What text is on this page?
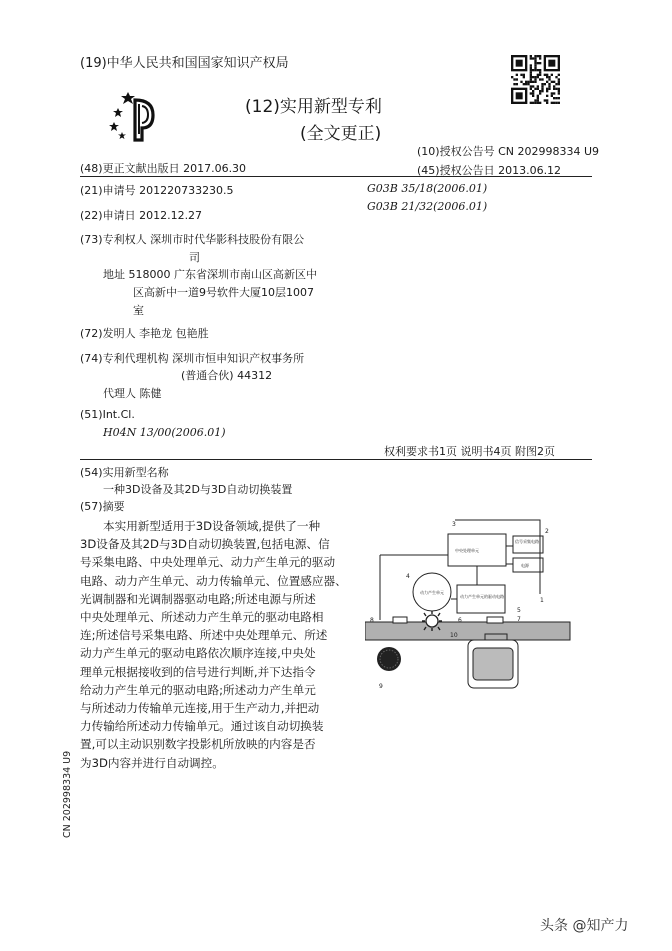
(19)中华人民共和国国家知识产权局
(12)实用新型专利
(全文更正)
(10)授权公告号 CN 202998334 U9
(45)授权公告日 2013.06.12
(48)更正文献出版日 2017.06.30
(21)申请号 201220733230.5	G03B 35/18(2006.01)
G03B 21/32(2006.01)
(22)申请日 2012.12.27
(73)专利权人 深圳市时代华影科技股份有限公
司
地址 518000 广东省深圳市南山区高新区中
区高新中一道9号软件大厦10层1007
室
(72)发明人 李艳龙 包艳胜
(74)专利代理机构 深圳市恒申知识产权事务所
(普通合伙) 44312
代理人 陈健
(51)Int.Cl.
H04N 13/00(2006.01)
权利要求书1页 说明书4页 附图2页
(54)实用新型名称
一种3D设备及其2D与3D自动切换装置
(57)摘要
本实用新型适用于3D设备领域,提供了一种
3D设备及其2D与3D自动切换装置,包括电源、信
号采集电路、中央处理单元、动力产生单元的驱动
电路、动力产生单元、动力传输单元、位置感应器、
光调制器和光调制器驱动电路;所述电源与所述
中央处理单元、所述动力产生单元的驱动电路相
连;所述信号采集电路、所述中央处理单元、所述
动力产生单元的驱动电路依次顺序连接,中央处
理单元根据接收到的信号进行判断,并下达指令
给动力产生单元的驱动电路;所述动力产生单元
与所述动力传输单元连接,用于生产动力,并把动
力传输给所述动力传输单元。通过该自动切换装
置,可以主动识别数字投影机所放映的内容是否
为3D内容并进行自动调控。
中央处理单元
信号采集电路
电源
动力产生单元的驱动电路
动力产生单元
1
2
3
4
5
6	7
8
9
10
CN 202998334 U9
头条 @知产力
